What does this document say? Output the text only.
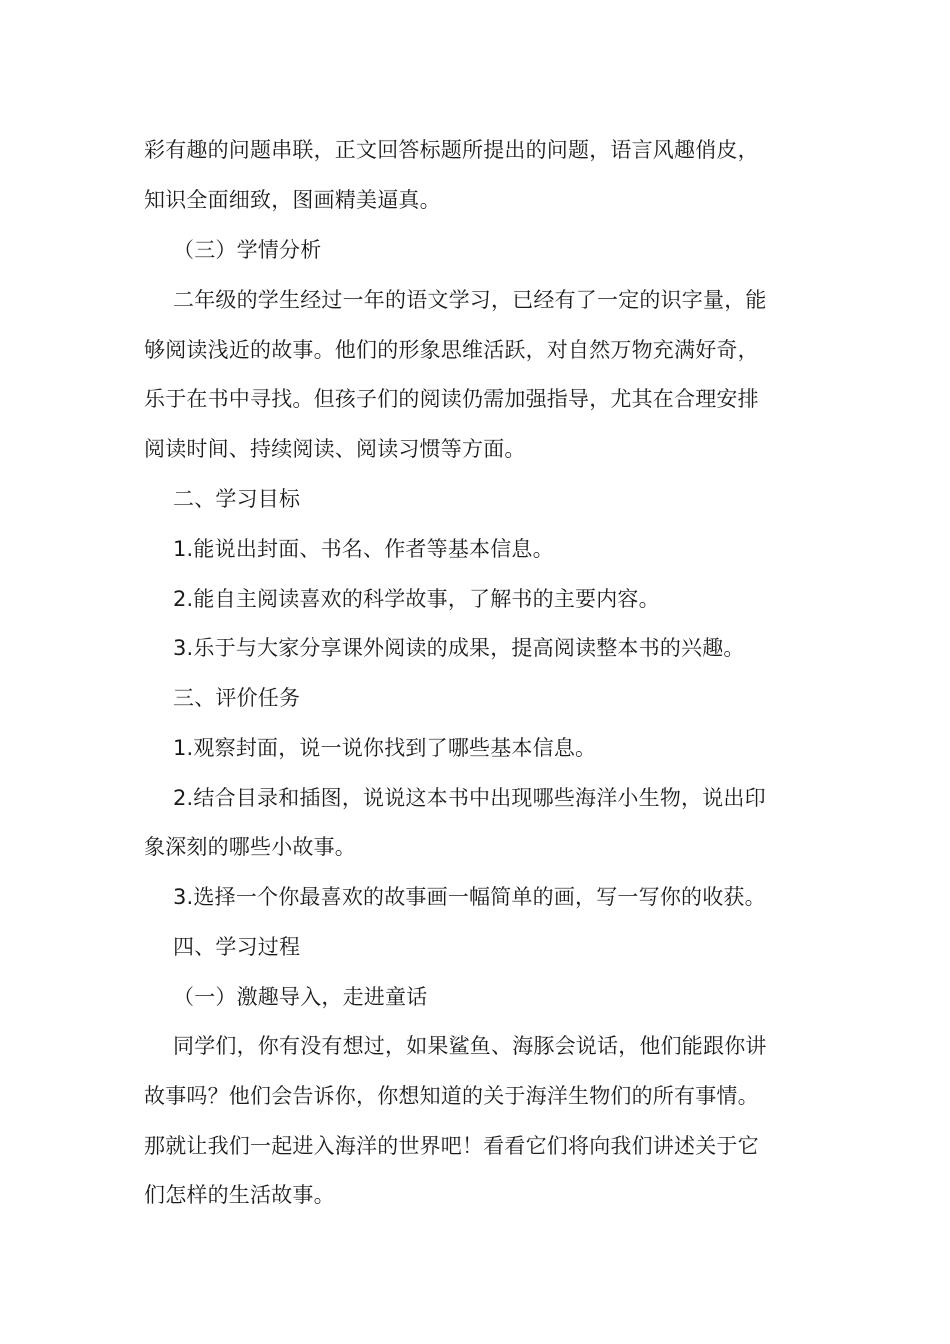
彩有趣的问题串联，正文回答标题所提出的问题，语言风趣俏皮，
知识全面细致，图画精美逼真。
（三）学情分析
二年级的学生经过一年的语文学习，已经有了一定的识字量，能
够阅读浅近的故事。他们的形象思维活跃，对自然万物充满好奇，
乐于在书中寻找。但孩子们的阅读仍需加强指导，尤其在合理安排
阅读时间、持续阅读、阅读习惯等方面。
二、学习目标
1.能说出封面、书名、作者等基本信息。
2.能自主阅读喜欢的科学故事，了解书的主要内容。
3.乐于与大家分享课外阅读的成果，提高阅读整本书的兴趣。
三、评价任务
1.观察封面，说一说你找到了哪些基本信息。
2.结合目录和插图，说说这本书中出现哪些海洋小生物，说出印
象深刻的哪些小故事。
3.选择一个你最喜欢的故事画一幅简单的画，写一写你的收获。
四、学习过程
（一）激趣导入，走进童话
同学们，你有没有想过，如果鲨鱼、海豚会说话，他们能跟你讲
故事吗？他们会告诉你，你想知道的关于海洋生物们的所有事情。
那就让我们一起进入海洋的世界吧！看看它们将向我们讲述关于它
们怎样的生活故事。
